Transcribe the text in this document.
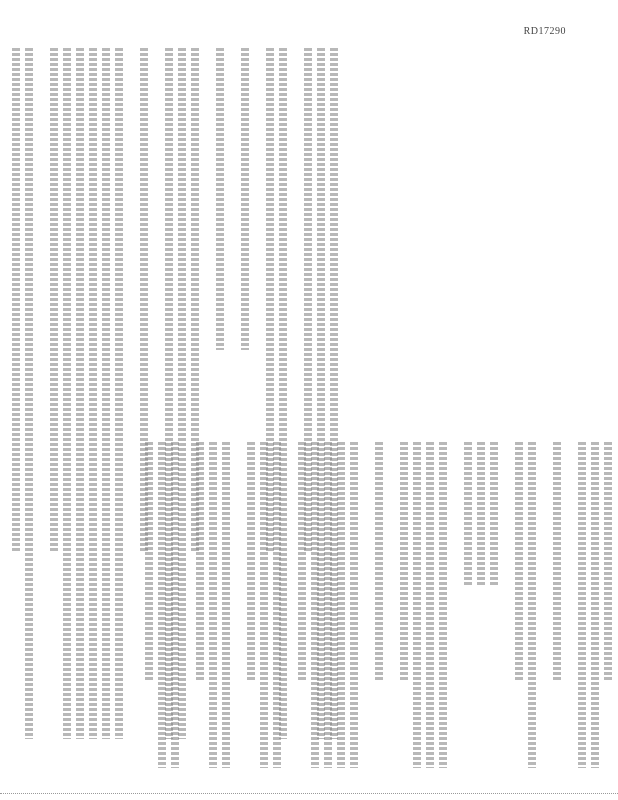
RD17290
